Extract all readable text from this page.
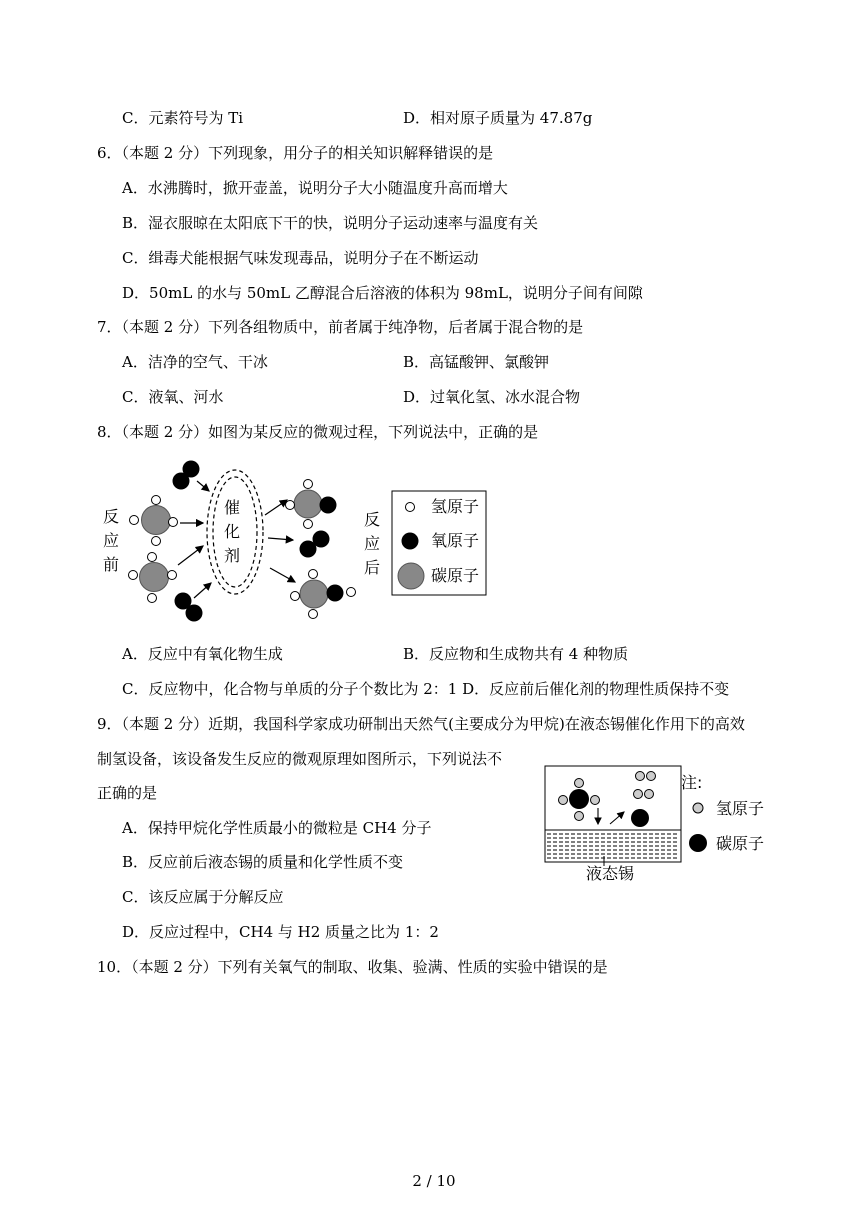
C．元素符号为 Ti	D．相对原子质量为 47.87g
6．（本题 2 分）下列现象，用分子的相关知识解释错误的是
A．水沸腾时，掀开壶盖，说明分子大小随温度升高而增大
B．湿衣服晾在太阳底下干的快，说明分子运动速率与温度有关
C．缉毒犬能根据气味发现毒品，说明分子在不断运动
D．50mL 的水与 50mL 乙醇混合后溶液的体积为 98mL，说明分子间有间隙
7．（本题 2 分）下列各组物质中，前者属于纯净物，后者属于混合物的是
A．洁净的空气、干冰	B．高锰酸钾、氯酸钾
C．液氧、河水	D．过氧化氢、冰水混合物
8．（本题 2 分）如图为某反应的微观过程，下列说法中，正确的是
反
应
前
催
化
剂
反
应
后
氢原子
氧原子
碳原子
A．反应中有氧化物生成	B．反应物和生成物共有 4 种物质
C．反应物中，化合物与单质的分子个数比为 2：1 D．反应前后催化剂的物理性质保持不变
9．（本题 2 分）近期，我国科学家成功研制出天然气(主要成分为甲烷)在液态锡催化作用下的高效
制氢设备，该设备发生反应的微观原理如图所示，下列说法不
正确的是
A．保持甲烷化学性质最小的微粒是 CH4 分子
B．反应前后液态锡的质量和化学性质不变
C．该反应属于分解反应
D．反应过程中，CH4 与 H2 质量之比为 1：2
注:
氢原子
碳原子
液态锡
10．（本题 2 分）下列有关氧气的制取、收集、验满、性质的实验中错误的是
2 / 10
